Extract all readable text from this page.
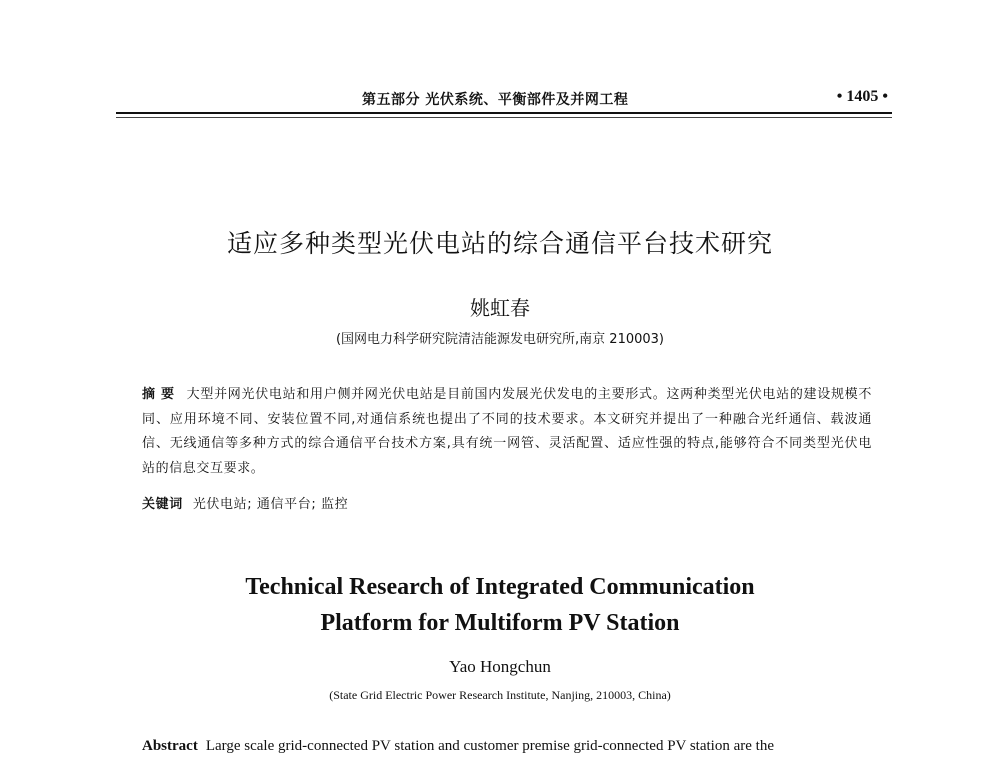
第五部分 光伏系统、平衡部件及并网工程	• 1405 •
适应多种类型光伏电站的综合通信平台技术研究
姚虹春
(国网电力科学研究院清洁能源发电研究所,南京 210003)
摘 要 大型并网光伏电站和用户侧并网光伏电站是目前国内发展光伏发电的主要形式。这两种类型光伏电站的建设规模不同、应用环境不同、安装位置不同,对通信系统也提出了不同的技术要求。本文研究并提出了一种融合光纤通信、载波通信、无线通信等多种方式的综合通信平台技术方案,具有统一网管、灵活配置、适应性强的特点,能够符合不同类型光伏电站的信息交互要求。
关键词 光伏电站; 通信平台; 监控
Technical Research of Integrated Communication
Platform for Multiform PV Station
Yao Hongchun
(State Grid Electric Power Research Institute, Nanjing, 210003, China)
Abstract Large scale grid-connected PV station and customer premise grid-connected PV station are the
